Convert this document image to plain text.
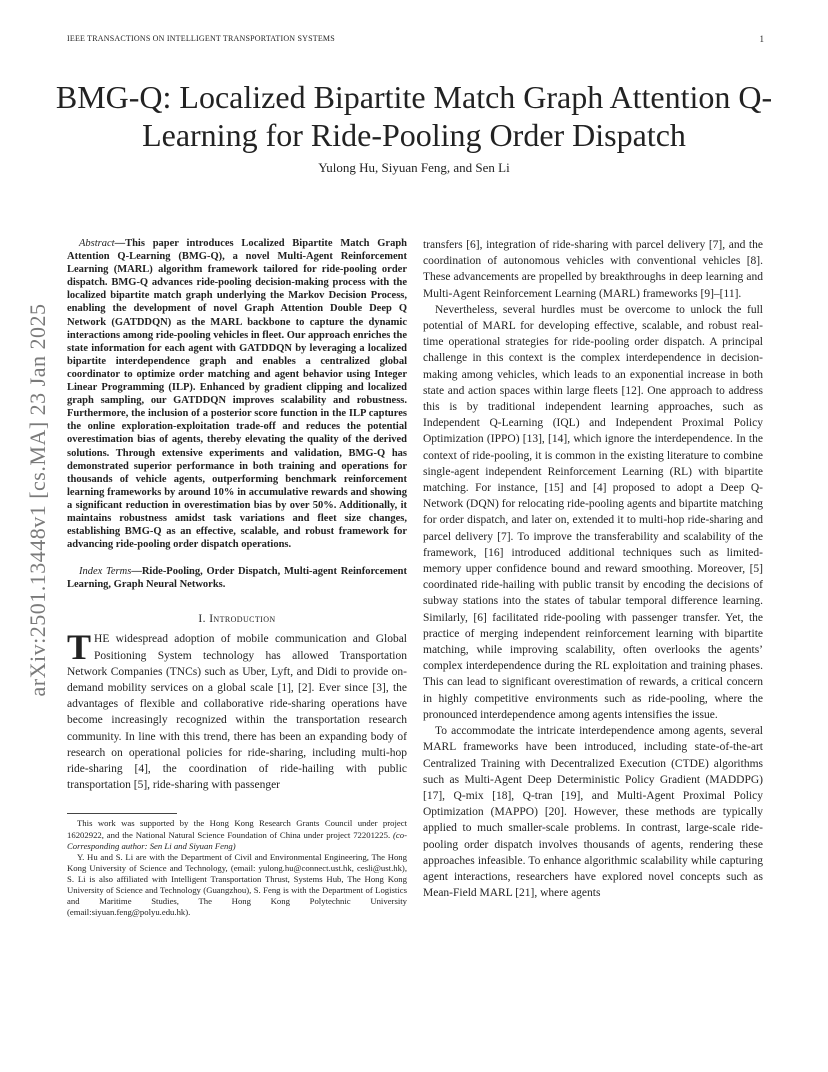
IEEE TRANSACTIONS ON INTELLIGENT TRANSPORTATION SYSTEMS	1
arXiv:2501.13448v1 [cs.MA] 23 Jan 2025
BMG-Q: Localized Bipartite Match Graph Attention Q-Learning for Ride-Pooling Order Dispatch
Yulong Hu, Siyuan Feng, and Sen Li

Abstract—This paper introduces Localized Bipartite Match Graph Attention Q-Learning (BMG-Q), a novel Multi-Agent Reinforcement Learning (MARL) algorithm framework tailored for ride-pooling order dispatch. BMG-Q advances ride-pooling decision-making process with the localized bipartite match graph underlying the Markov Decision Process, enabling the development of novel Graph Attention Double Deep Q Network (GATDDQN) as the MARL backbone to capture the dynamic interactions among ride-pooling vehicles in fleet. Our approach enriches the state information for each agent with GATDDQN by leveraging a localized bipartite interdependence graph and enables a centralized global coordinator to optimize order matching and agent behavior using Integer Linear Programming (ILP). Enhanced by gradient clipping and localized graph sampling, our GATDDQN improves scalability and robustness. Furthermore, the inclusion of a posterior score function in the ILP captures the online exploration-exploitation trade-off and reduces the potential overestimation bias of agents, thereby elevating the quality of the derived solutions. Through extensive experiments and validation, BMG-Q has demonstrated superior performance in both training and operations for thousands of vehicle agents, outperforming benchmark reinforcement learning frameworks by around 10% in accumulative rewards and showing a significant reduction in overestimation bias by over 50%. Additionally, it maintains robustness amidst task variations and fleet size changes, establishing BMG-Q as an effective, scalable, and robust framework for advancing ride-pooling order dispatch operations.

Index Terms—Ride-Pooling, Order Dispatch, Multi-agent Reinforcement Learning, Graph Neural Networks.

I. Introduction

THE widespread adoption of mobile communication and Global Positioning System technology has allowed Transportation Network Companies (TNCs) such as Uber, Lyft, and Didi to provide on-demand mobility services on a global scale [1], [2]. Ever since [3], the advantages of flexible and collaborative ride-sharing operations have become increasingly recognized within the transportation research community. In line with this trend, there has been an expanding body of research on operational policies for ride-sharing, including multi-hop ride-sharing [4], the coordination of ride-hailing with public transportation [5], ride-sharing with passenger

This work was supported by the Hong Kong Research Grants Council under project 16202922, and the National Natural Science Foundation of China under project 72201225. (co-Corresponding author: Sen Li and Siyuan Feng)

Y. Hu and S. Li are with the Department of Civil and Environmental Engineering, The Hong Kong University of Science and Technology, (email: yulong.hu@connect.ust.hk, cesli@ust.hk), S. Li is also affiliated with Intelligent Transportation Thrust, Systems Hub, The Hong Kong University of Science and Technology (Guangzhou), S. Feng is with the Department of Logistics and Maritime Studies, The Hong Kong Polytechnic University (email:siyuan.feng@polyu.edu.hk).

transfers [6], integration of ride-sharing with parcel delivery [7], and the coordination of autonomous vehicles with conventional vehicles [8]. These advancements are propelled by breakthroughs in deep learning and Multi-Agent Reinforcement Learning (MARL) frameworks [9]–[11].

Nevertheless, several hurdles must be overcome to unlock the full potential of MARL for developing effective, scalable, and robust real-time operational strategies for ride-pooling order dispatch. A principal challenge in this context is the complex interdependence in decision-making among vehicles, which leads to an exponential increase in both state and action spaces within large fleets [12]. One approach to address this is by traditional independent learning approaches, such as Independent Q-Learning (IQL) and Independent Proximal Policy Optimization (IPPO) [13], [14], which ignore the interdependence. In the context of ride-pooling, it is common in the existing literature to combine single-agent independent Reinforcement Learning (RL) with bipartite matching. For instance, [15] and [4] proposed to adopt a Deep Q-Network (DQN) for relocating ride-pooling agents and bipartite matching for order dispatch, and later on, extended it to multi-hop ride-sharing and parcel delivery [7]. To improve the transferability and scalability of the framework, [16] introduced additional techniques such as limited-memory upper confidence bound and reward smoothing. Moreover, [5] coordinated ride-hailing with public transit by encoding the decisions of subway stations into the states of tabular temporal difference learning. Similarly, [6] facilitated ride-pooling with passenger transfer. Yet, the practice of merging independent reinforcement learning with bipartite matching, while improving scalability, often overlooks the agents’ complex interdependence during the RL exploitation and training phases. This can lead to significant overestimation of rewards, a critical concern in highly competitive environments such as ride-pooling, where the pronounced interdependence among agents intensifies the issue.

To accommodate the intricate interdependence among agents, several MARL frameworks have been introduced, including state-of-the-art Centralized Training with Decentralized Execution (CTDE) algorithms such as Multi-Agent Deep Deterministic Policy Gradient (MADDPG) [17], Q-mix [18], Q-tran [19], and Multi-Agent Proximal Policy Optimization (MAPPO) [20]. However, these methods are typically applied to much smaller-scale problems. In contrast, large-scale ride-pooling order dispatch involves thousands of agents, rendering these approaches infeasible. To enhance algorithmic scalability while capturing agent interactions, researchers have explored novel concepts such as Mean-Field MARL [21], where agents
